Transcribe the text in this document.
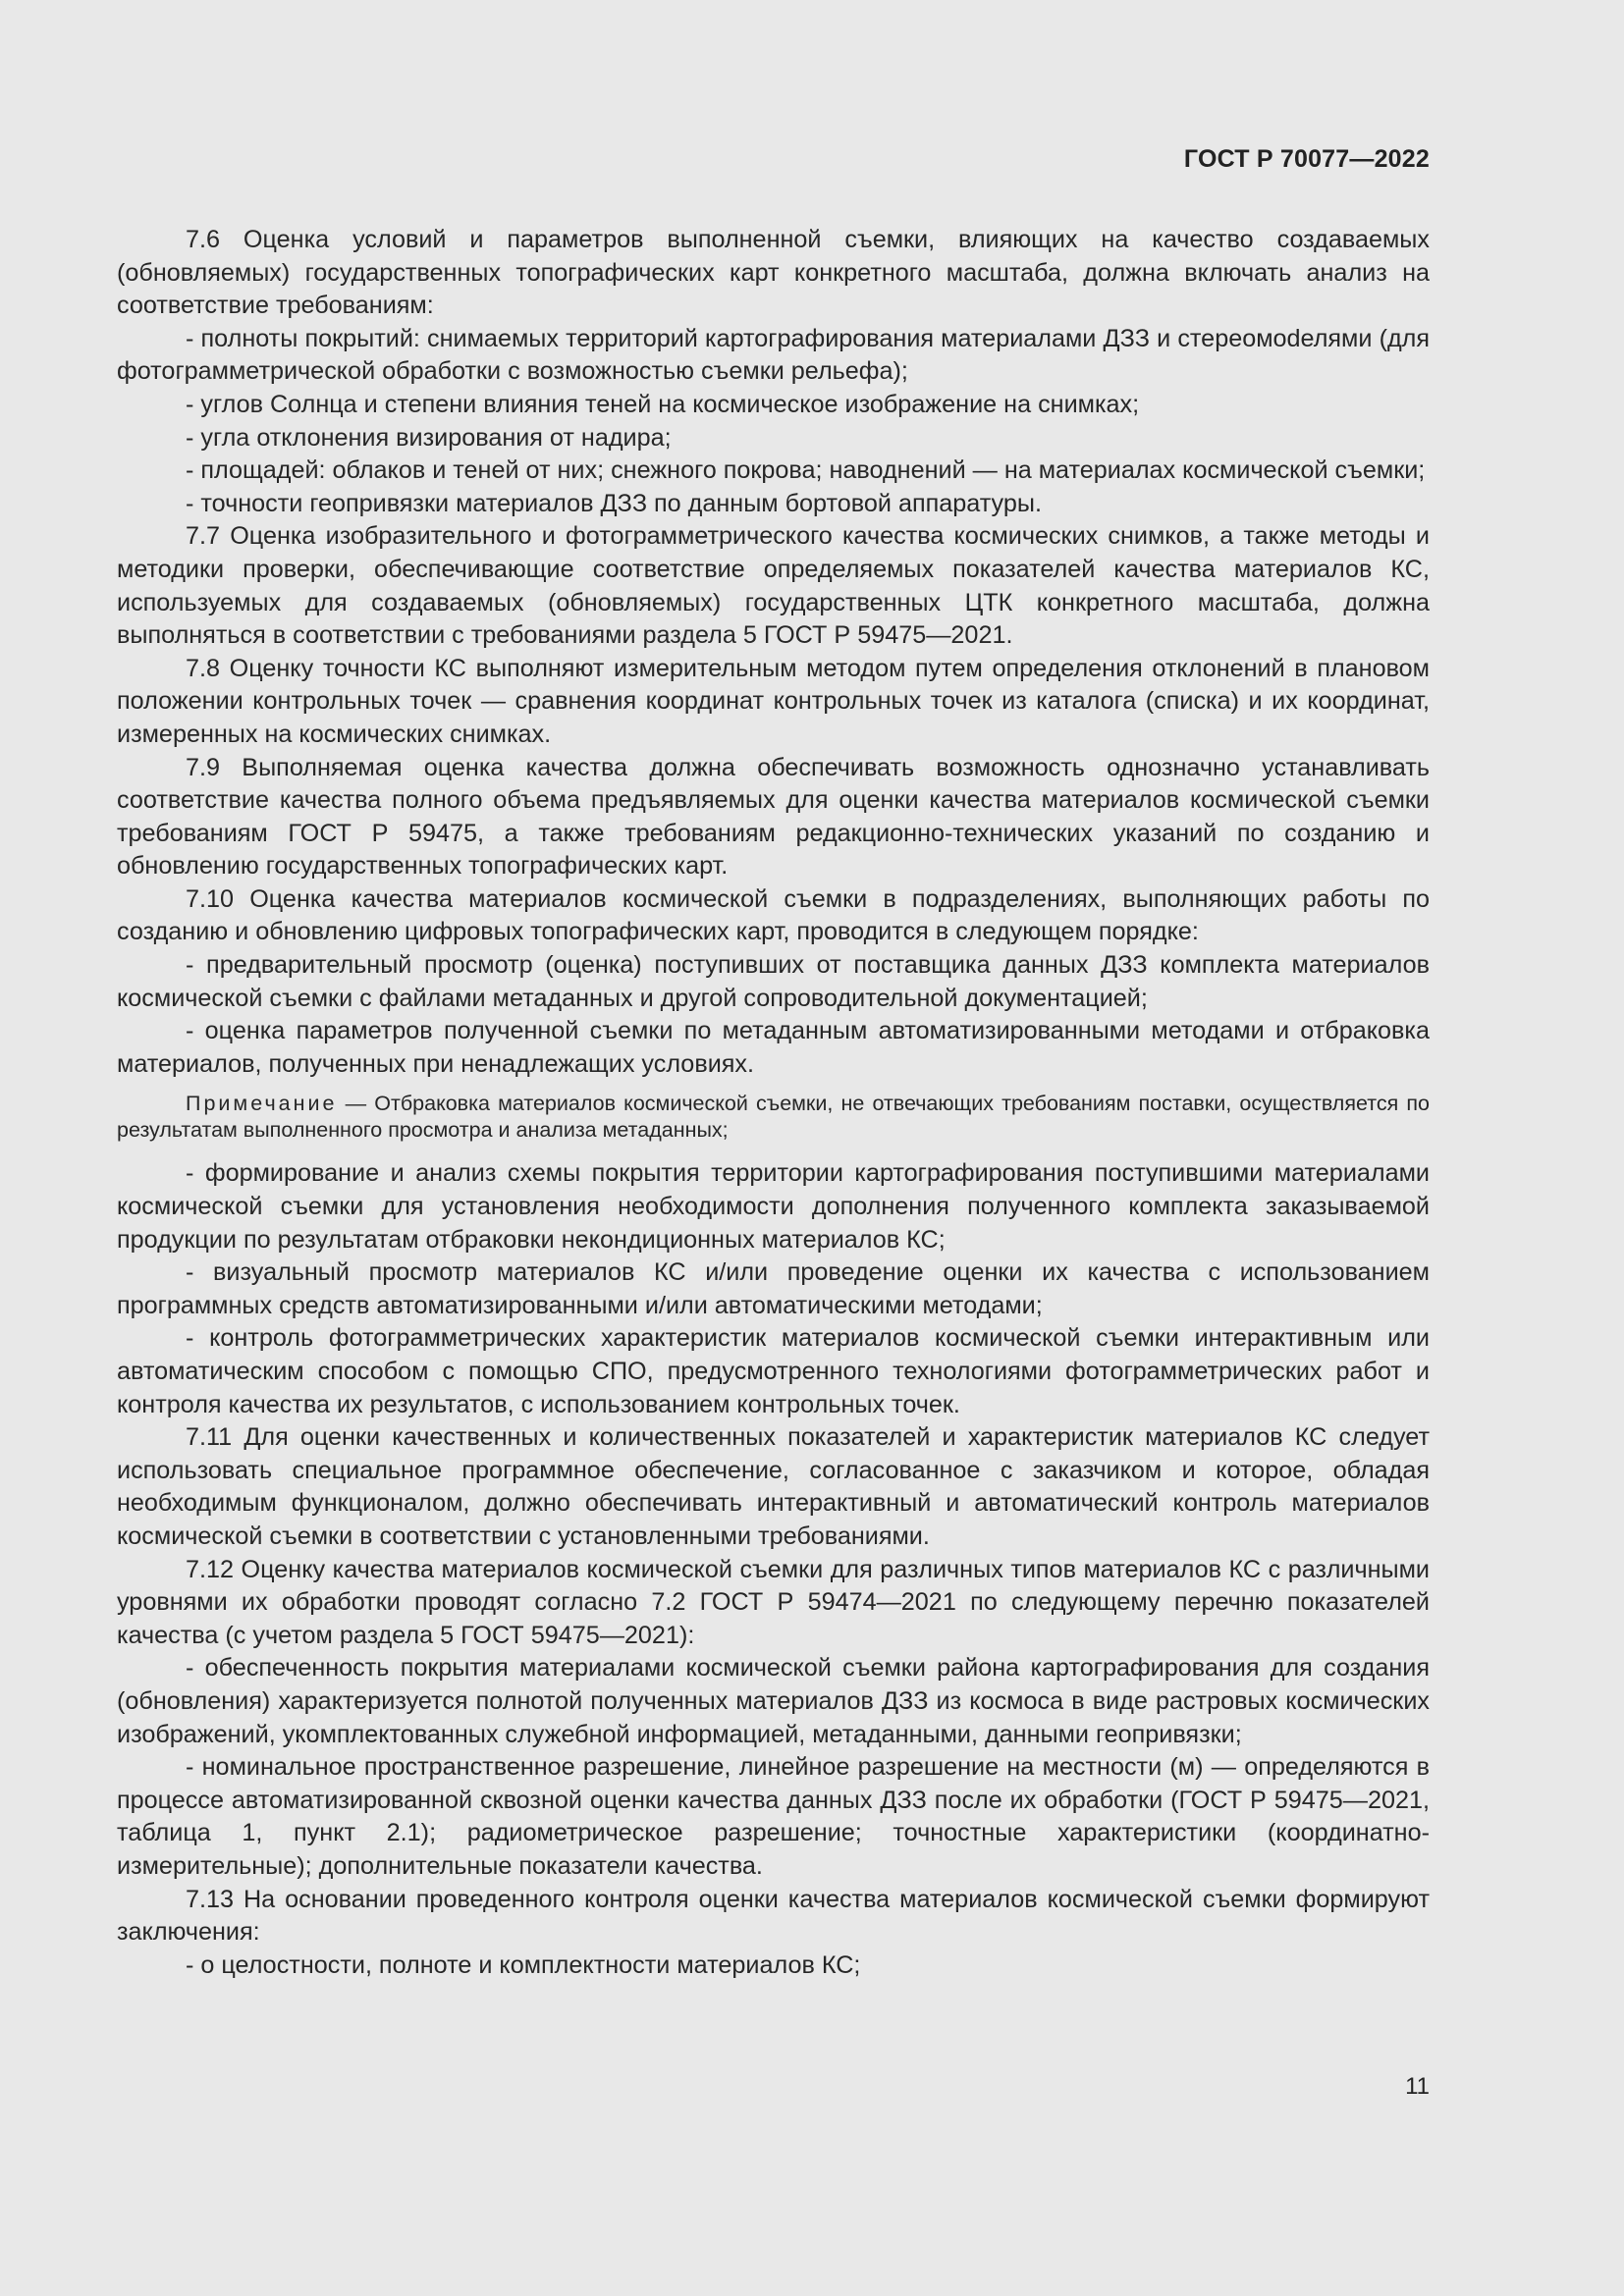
ГОСТ Р 70077—2022

7.6 Оценка условий и параметров выполненной съемки, влияющих на качество создаваемых (обновляемых) государственных топографических карт конкретного масштаба, должна включать анализ на соответствие требованиям:

- полноты покрытий: снимаемых территорий картографирования материалами ДЗЗ и стереомоdелями (для фотограмметрической обработки с возможностью съемки рельефа);

- углов Солнца и степени влияния теней на космическое изображение на снимках;

- угла отклонения визирования от надира;

- площадей: облаков и теней от них; снежного покрова; наводнений — на материалах космической съемки;

- точности геопривязки материалов ДЗЗ по данным бортовой аппаратуры.

7.7 Оценка изобразительного и фотограмметрического качества космических снимков, а также методы и методики проверки, обеспечивающие соответствие определяемых показателей качества материалов КС, используемых для создаваемых (обновляемых) государственных ЦТК конкретного масштаба, должна выполняться в соответствии с требованиями раздела 5 ГОСТ Р 59475—2021.

7.8 Оценку точности КС выполняют измерительным методом путем определения отклонений в плановом положении контрольных точек — сравнения координат контрольных точек из каталога (списка) и их координат, измеренных на космических снимках.

7.9 Выполняемая оценка качества должна обеспечивать возможность однозначно устанавливать соответствие качества полного объема предъявляемых для оценки качества материалов космической съемки требованиям ГОСТ Р 59475, а также требованиям редакционно-технических указаний по созданию и обновлению государственных топографических карт.

7.10 Оценка качества материалов космической съемки в подразделениях, выполняющих работы по созданию и обновлению цифровых топографических карт, проводится в следующем порядке:

- предварительный просмотр (оценка) поступивших от поставщика данных ДЗЗ комплекта материалов космической съемки с файлами метаданных и другой сопроводительной документацией;

- оценка параметров полученной съемки по метаданным автоматизированными методами и отбраковка материалов, полученных при ненадлежащих условиях.

Примечание — Отбраковка материалов космической съемки, не отвечающих требованиям поставки, осуществляется по результатам выполненного просмотра и анализа метаданных;

- формирование и анализ схемы покрытия территории картографирования поступившими материалами космической съемки для установления необходимости дополнения полученного комплекта заказываемой продукции по результатам отбраковки некондиционных материалов КС;

- визуальный просмотр материалов КС и/или проведение оценки их качества с использованием программных средств автоматизированными и/или автоматическими методами;

- контроль фотограмметрических характеристик материалов космической съемки интерактивным или автоматическим способом с помощью СПО, предусмотренного технологиями фотограмметрических работ и контроля качества их результатов, с использованием контрольных точек.

7.11 Для оценки качественных и количественных показателей и характеристик материалов КС следует использовать специальное программное обеспечение, согласованное с заказчиком и которое, обладая необходимым функционалом, должно обеспечивать интерактивный и автоматический контроль материалов космической съемки в соответствии с установленными требованиями.

7.12 Оценку качества материалов космической съемки для различных типов материалов КС с различными уровнями их обработки проводят согласно 7.2 ГОСТ Р 59474—2021 по следующему перечню показателей качества (с учетом раздела 5 ГОСТ 59475—2021):

- обеспеченность покрытия материалами космической съемки района картографирования для создания (обновления) характеризуется полнотой полученных материалов ДЗЗ из космоса в виде растровых космических изображений, укомплектованных служебной информацией, метаданными, данными геопривязки;

- номинальное пространственное разрешение, линейное разрешение на местности (м) — определяются в процессе автоматизированной сквозной оценки качества данных ДЗЗ после их обработки (ГОСТ Р 59475—2021, таблица 1, пункт 2.1); радиометрическое разрешение; точностные характеристики (координатно-измерительные); дополнительные показатели качества.

7.13 На основании проведенного контроля оценки качества материалов космической съемки формируют заключения:

- о целостности, полноте и комплектности материалов КС;

11
